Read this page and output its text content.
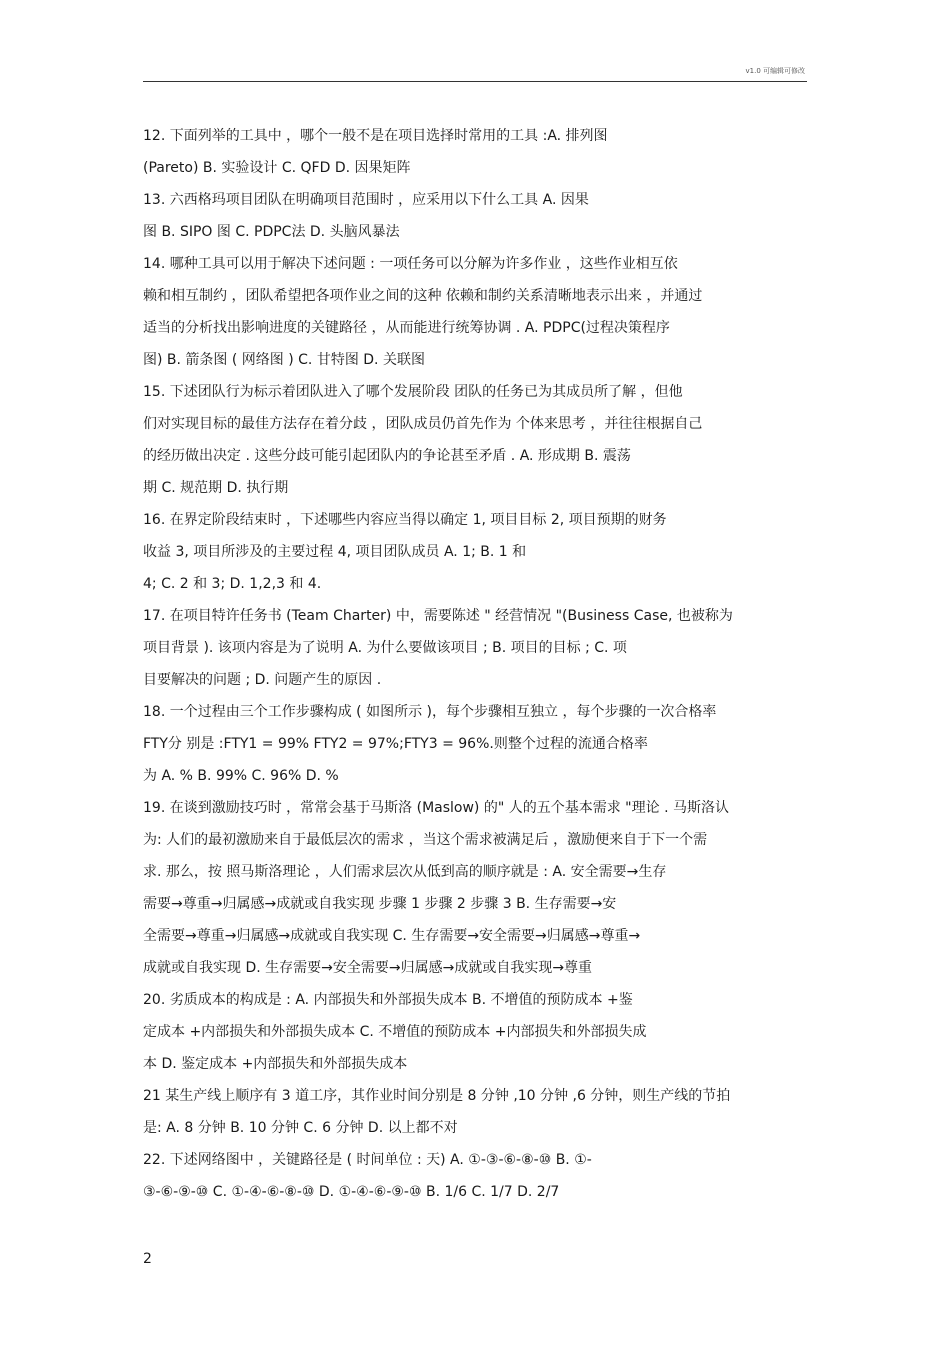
v1.0 可编辑可修改
12. 下面列举的工具中 ，哪个一般不是在项目选择时常用的工具 :A. 排列图
(Pareto) B. 实验设计 C. QFD D. 因果矩阵
13. 六西格玛项目团队在明确项目范围时 ，应采用以下什么工具 A. 因果
图 B. SIPO 图 C. PDPC法 D. 头脑风暴法
14. 哪种工具可以用于解决下述问题 : 一项任务可以分解为许多作业 ，这些作业相互依
赖和相互制约 ，团队希望把各项作业之间的这种 依赖和制约关系清晰地表示出来 ，并通过
适当的分析找出影响进度的关键路径 ，从而能进行统筹协调 . A. PDPC(过程决策程序
图) B. 箭条图 ( 网络图 ) C. 甘特图 D. 关联图
15. 下述团队行为标示着团队进入了哪个发展阶段 团队的任务已为其成员所了解 ，但他
们对实现目标的最佳方法存在着分歧 ，团队成员仍首先作为 个体来思考 ，并往往根据自己
的经历做出决定 . 这些分歧可能引起团队内的争论甚至矛盾 . A. 形成期 B. 震荡
期 C. 规范期 D. 执行期
16. 在界定阶段结束时 ，下述哪些内容应当得以确定 1, 项目目标 2, 项目预期的财务
收益 3, 项目所涉及的主要过程 4, 项目团队成员 A. 1; B. 1 和
4; C. 2 和 3; D. 1,2,3 和 4.
17. 在项目特许任务书 (Team Charter) 中，需要陈述 " 经营情况 "(Business Case, 也被称为
项目背景 ). 该项内容是为了说明 A. 为什么要做该项目 ; B. 项目的目标 ; C. 项
目要解决的问题 ; D. 问题产生的原因 .
18. 一个过程由三个工作步骤构成 ( 如图所示 )，每个步骤相互独立 ，每个步骤的一次合格率
FTY分 别是 :FTY1 = 99% FTY2 = 97%;FTY3 = 96%.则整个过程的流通合格率
为 A. % B. 99% C. 96% D. %
19. 在谈到激励技巧时 ，常常会基于马斯洛 (Maslow) 的" 人的五个基本需求 "理论 . 马斯洛认
为: 人们的最初激励来自于最低层次的需求 ，当这个需求被满足后 ，激励便来自于下一个需
求. 那么，按 照马斯洛理论 ，人们需求层次从低到高的顺序就是 : A. 安全需要→生存
需要→尊重→归属感→成就或自我实现 步骤 1 步骤 2 步骤 3 B. 生存需要→安
全需要→尊重→归属感→成就或自我实现 C. 生存需要→安全需要→归属感→尊重→
成就或自我实现 D. 生存需要→安全需要→归属感→成就或自我实现→尊重
20. 劣质成本的构成是 : A. 内部损失和外部损失成本 B. 不增值的预防成本 +鉴
定成本 +内部损失和外部损失成本 C. 不增值的预防成本 +内部损失和外部损失成
本 D. 鉴定成本 +内部损失和外部损失成本
21 某生产线上顺序有 3 道工序，其作业时间分别是 8 分钟 ,10 分钟 ,6 分钟，则生产线的节拍
是: A. 8 分钟 B. 10 分钟 C. 6 分钟 D. 以上都不对
22. 下述网络图中 ，关键路径是 ( 时间单位 : 天) A. ①-③-⑥-⑧-⑩ B. ①-
③-⑥-⑨-⑩ C. ①-④-⑥-⑧-⑩ D. ①-④-⑥-⑨-⑩ B. 1/6 C. 1/7 D. 2/7
2
